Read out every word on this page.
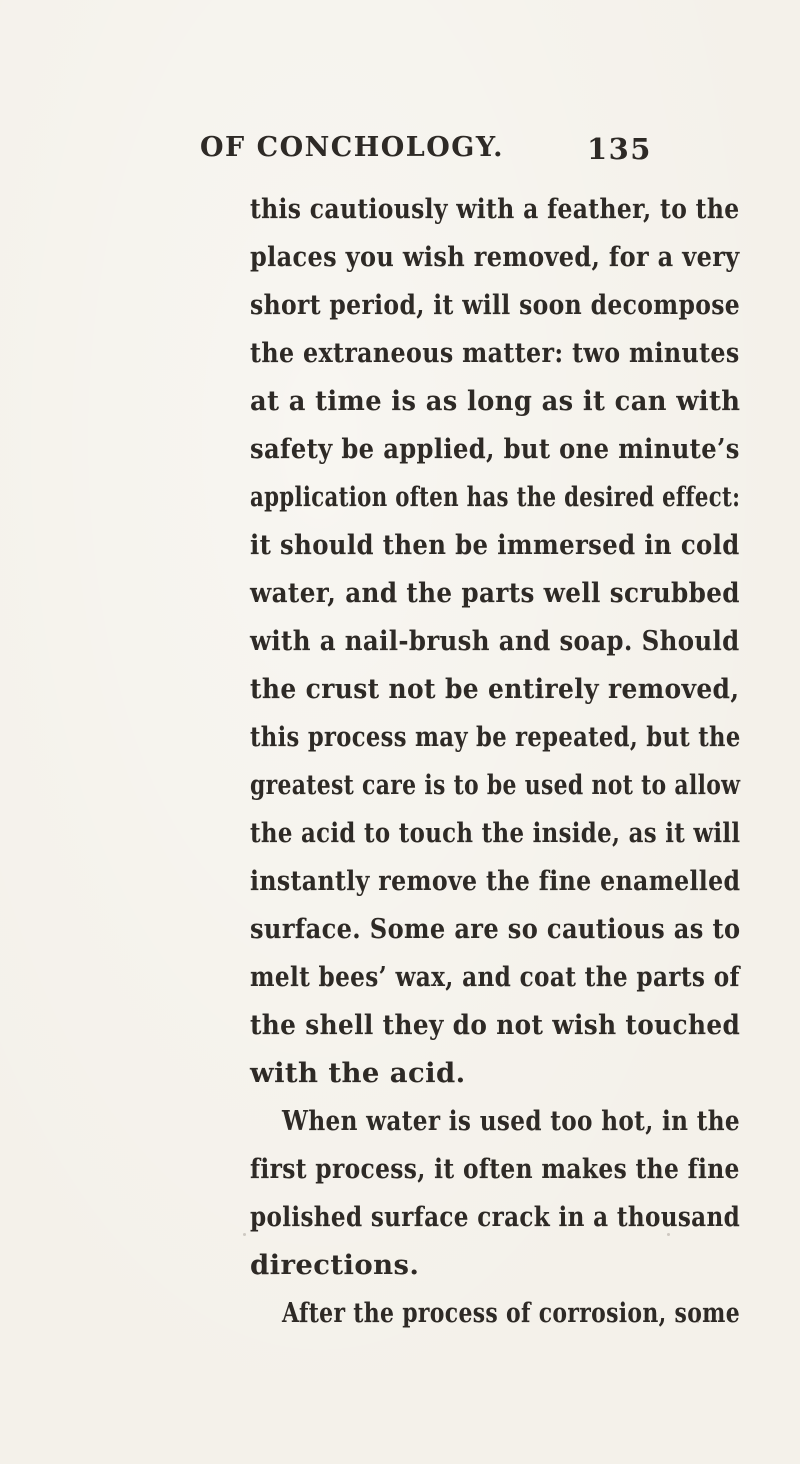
OF CONCHOLOGY.	135
this cautiously with a feather, to the
places you wish removed, for a very
short period, it will soon decompose
the extraneous matter: two minutes
at a time is as long as it can with
safety be applied, but one minute’s
application often has the desired effect:
it should then be immersed in cold
water, and the parts well scrubbed
with a nail-brush and soap. Should
the crust not be entirely removed,
this process may be repeated, but the
greatest care is to be used not to allow
the acid to touch the inside, as it will
instantly remove the fine enamelled
surface. Some are so cautious as to
melt bees’ wax, and coat the parts of
the shell they do not wish touched
with the acid.
When water is used too hot, in the
first process, it often makes the fine
polished surface crack in a thousand
directions.
After the process of corrosion, some
